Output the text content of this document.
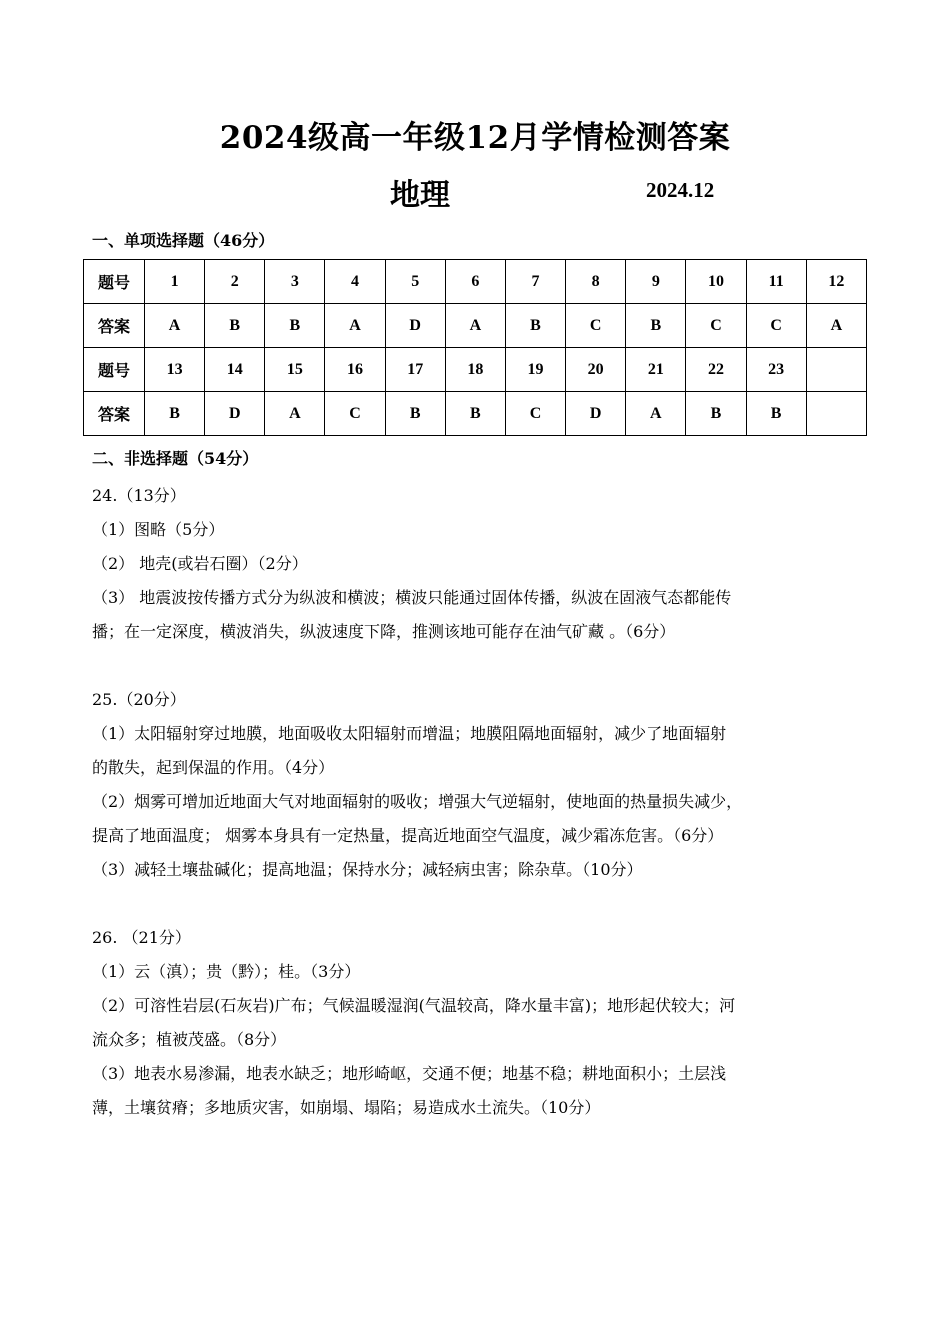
2024级高一年级12月学情检测答案
地理	2024.12
一、单项选择题（46分）
题号	1	2	3	4	5	6	7	8	9	10	11	12
答案	A	B	B	A	D	A	B	C	B	C	C	A
题号	13	14	15	16	17	18	19	20	21	22	23	
答案	B	D	A	C	B	B	C	D	A	B	B	
二、非选择题（54分）
24.（13分）
（1）图略（5分）
（2） 地壳(或岩石圈）（2分）
（3） 地震波按传播方式分为纵波和横波；横波只能通过固体传播，纵波在固液气态都能传
播；在一定深度，横波消失，纵波速度下降，推测该地可能存在油气矿藏 。（6分）
25.（20分）
（1）太阳辐射穿过地膜，地面吸收太阳辐射而增温；地膜阻隔地面辐射，减少了地面辐射
的散失，起到保温的作用。（4分）
（2）烟雾可增加近地面大气对地面辐射的吸收；增强大气逆辐射，使地面的热量损失减少，
提高了地面温度； 烟雾本身具有一定热量，提高近地面空气温度，减少霜冻危害。（6分）
（3）减轻土壤盐碱化；提高地温；保持水分；减轻病虫害；除杂草。（10分）
26. （21分）
（1）云（滇）；贵（黔）；桂。（3分）
（2）可溶性岩层(石灰岩)广布；气候温暖湿润(气温较高，降水量丰富)；地形起伏较大；河
流众多；植被茂盛。（8分）
（3）地表水易渗漏，地表水缺乏；地形崎岖，交通不便；地基不稳；耕地面积小；土层浅
薄，土壤贫瘠；多地质灾害，如崩塌、塌陷；易造成水土流失。（10分）
